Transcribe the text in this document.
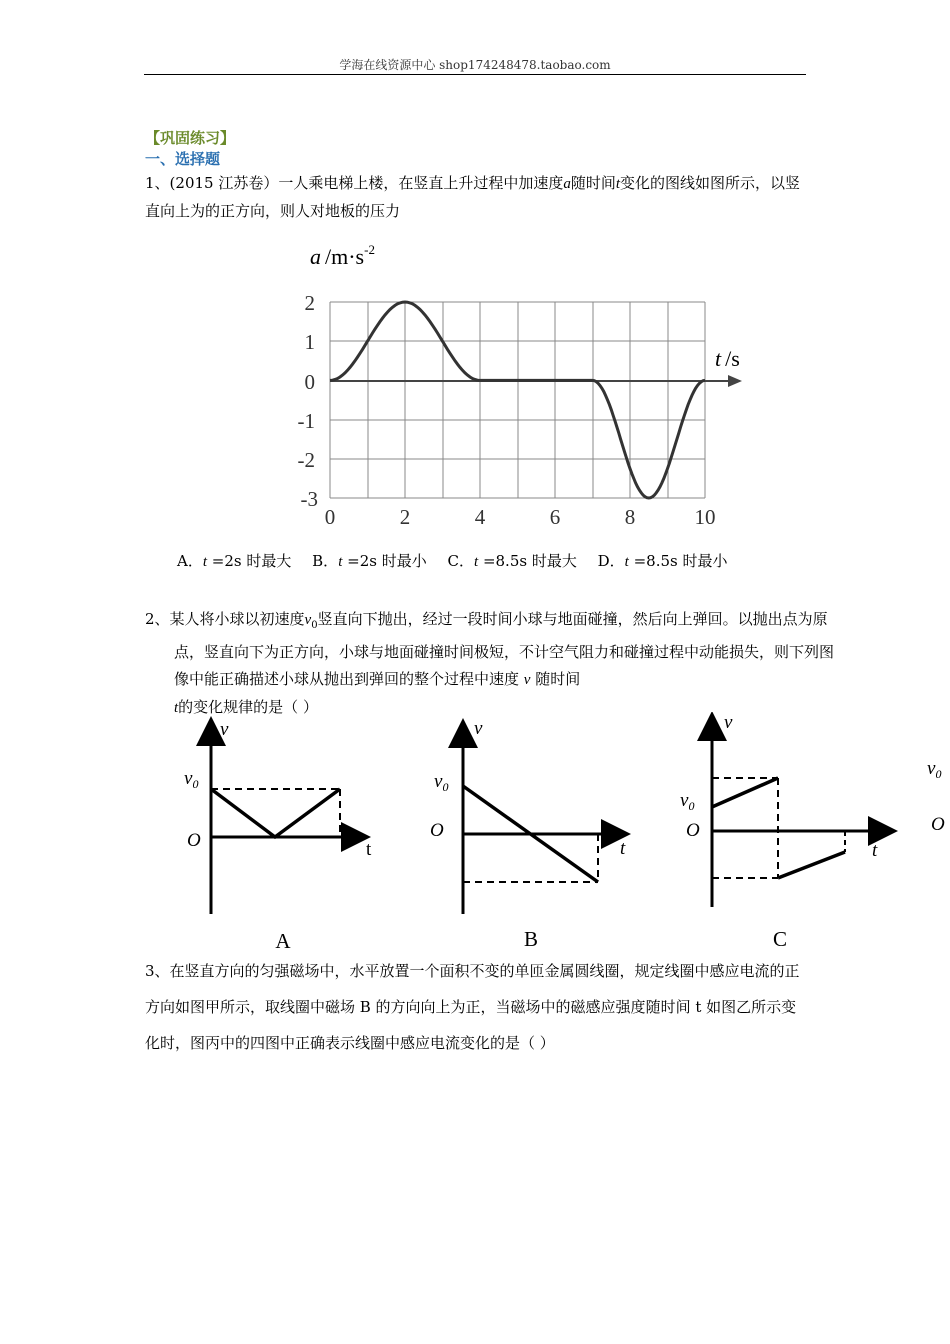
学海在线资源中心 shop174248478.taobao.com
【巩固练习】
一、选择题
1、(2015 江苏卷）一人乘电梯上楼，在竖直上升过程中加速度a随时间t变化的图线如图所示，以竖直向上为的正方向，则人对地板的压力
a $/m\cdot s^{-2}$
t /s
2
1
0
-1
-2
-3
0	2	4	6	8	10
A．t =2s 时最大 B．t =2s 时最小 C．t =8.5s 时最大 D．t =8.5s 时最小
2、某人将小球以初速度$v_0$竖直向下抛出，经过一段时间小球与地面碰撞，然后向上弹回。以抛出点为原点，竖直向下为正方向，小球与地面碰撞时间极短，不计空气阻力和碰撞过程中动能损失，则下列图像中能正确描述小球从抛出到弹回的整个过程中速度 v 随时间
t的变化规律的是（ ）
v
t
O
$v_0$
A
v
t
O
$v_0$
B
v
t
O
$v_0$
C
$v_0$
O
3、在竖直方向的匀强磁场中，水平放置一个面积不变的单匝金属圆线圈，规定线圈中感应电流的正方向如图甲所示，取线圈中磁场 B 的方向向上为正，当磁场中的磁感应强度随时间 t 如图乙所示变化时，图丙中的四图中正确表示线圈中感应电流变化的是（ ）
